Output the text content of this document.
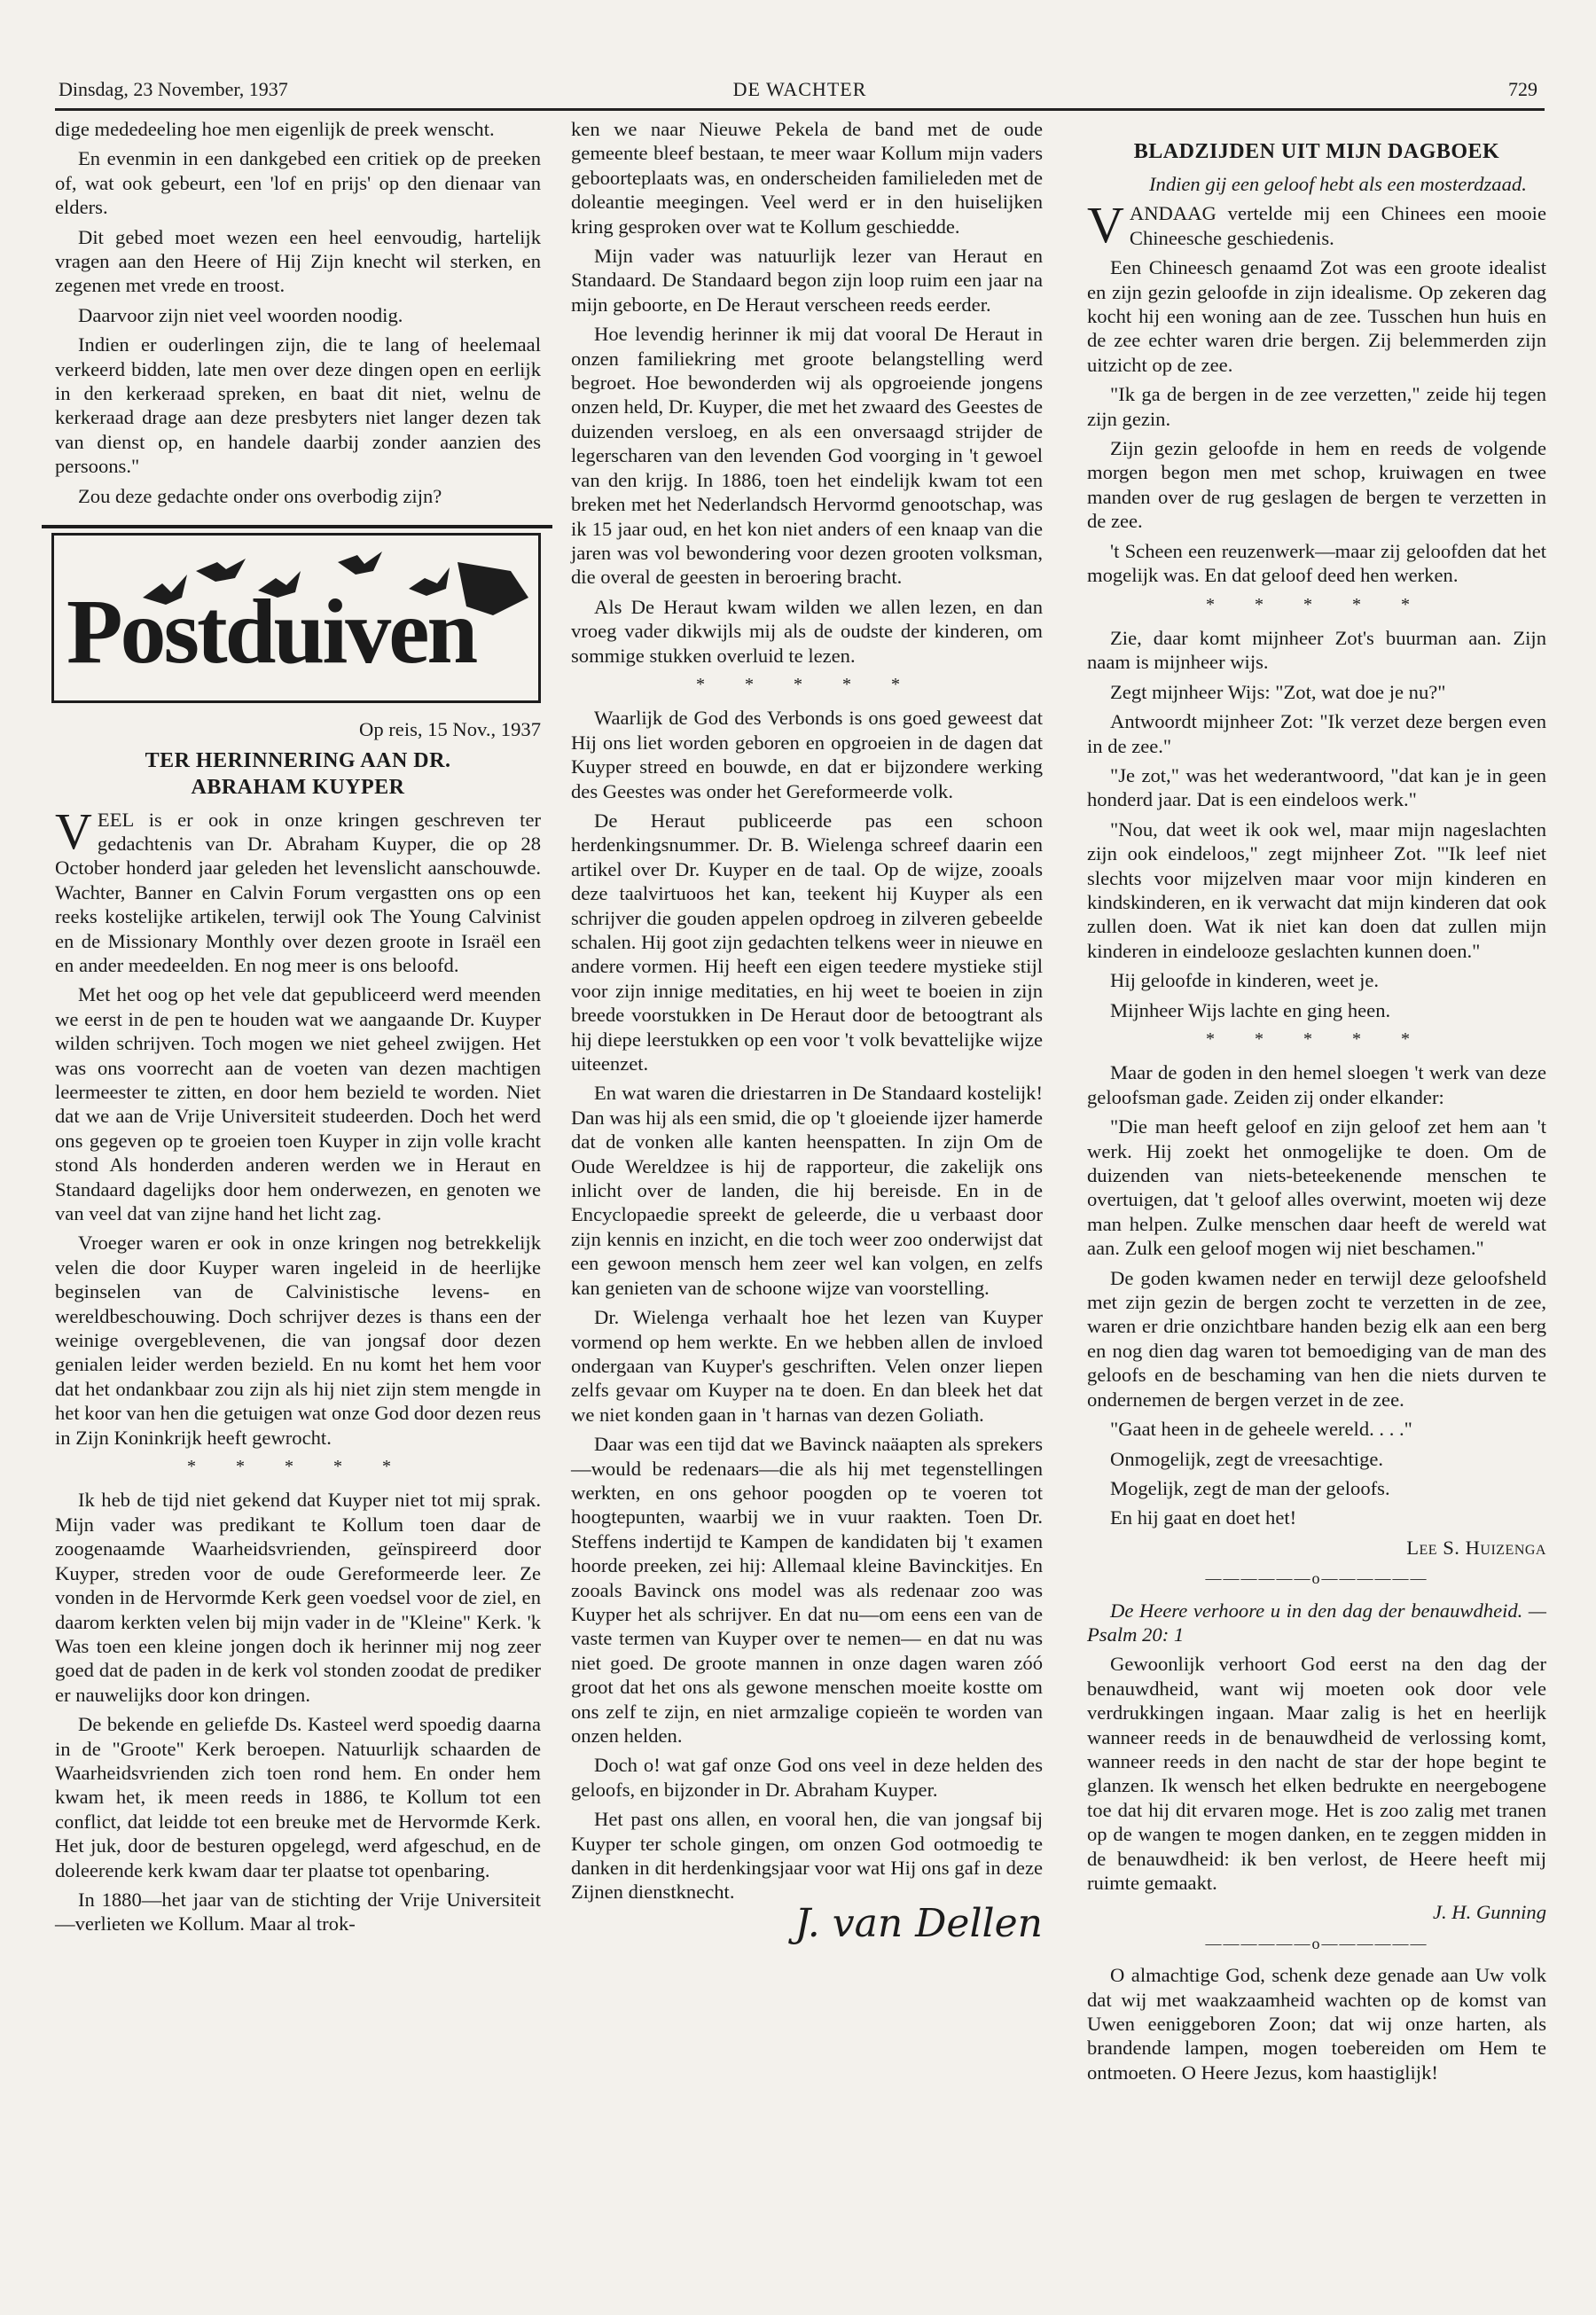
Dinsdag, 23 November, 1937	DE WACHTER	729

dige mededeeling hoe men eigenlijk de preek wenscht.

En evenmin in een dankgebed een critiek op de preeken of, wat ook gebeurt, een 'lof en prijs' op den dienaar van elders.

Dit gebed moet wezen een heel eenvoudig, hartelijk vragen aan den Heere of Hij Zijn knecht wil sterken, en zegenen met vrede en troost.

Daarvoor zijn niet veel woorden noodig.

Indien er ouderlingen zijn, die te lang of heelemaal verkeerd bidden, late men over deze dingen open en eerlijk in den kerkeraad spreken, en baat dit niet, welnu de kerkeraad drage aan deze presbyters niet langer dezen tak van dienst op, en handele daarbij zonder aanzien des persoons."

Zou deze gedachte onder ons overbodig zijn?

Postduiven

Op reis, 15 Nov., 1937

TER HERINNERING AAN DR.
ABRAHAM KUYPER

VEEL is er ook in onze kringen geschreven ter gedachtenis van Dr. Abraham Kuyper, die op 28 October honderd jaar geleden het levenslicht aanschouwde. Wachter, Banner en Calvin Forum vergastten ons op een reeks kostelijke artikelen, terwijl ook The Young Calvinist en de Missionary Monthly over dezen groote in Israël een en ander meedeelden. En nog meer is ons beloofd.

Met het oog op het vele dat gepubliceerd werd meenden we eerst in de pen te houden wat we aangaande Dr. Kuyper wilden schrijven. Toch mogen we niet geheel zwijgen. Het was ons voorrecht aan de voeten van dezen machtigen leermeester te zitten, en door hem bezield te worden. Niet dat we aan de Vrije Universiteit studeerden. Doch het werd ons gegeven op te groeien toen Kuyper in zijn volle kracht stond Als honderden anderen werden we in Heraut en Standaard dagelijks door hem onderwezen, en genoten we van veel dat van zijne hand het licht zag.

Vroeger waren er ook in onze kringen nog betrekkelijk velen die door Kuyper waren ingeleid in de heerlijke beginselen van de Calvinistische levens- en wereldbeschouwing. Doch schrijver dezes is thans een der weinige overgeblevenen, die van jongsaf door dezen genialen leider werden bezield. En nu komt het hem voor dat het ondankbaar zou zijn als hij niet zijn stem mengde in het koor van hen die getuigen wat onze God door dezen reus in Zijn Koninkrijk heeft gewrocht.

* * * * *

Ik heb de tijd niet gekend dat Kuyper niet tot mij sprak. Mijn vader was predikant te Kollum toen daar de zoogenaamde Waarheidsvrienden, geïnspireerd door Kuyper, streden voor de oude Gereformeerde leer. Ze vonden in de Hervormde Kerk geen voedsel voor de ziel, en daarom kerkten velen bij mijn vader in de "Kleine" Kerk. 'k Was toen een kleine jongen doch ik herinner mij nog zeer goed dat de paden in de kerk vol stonden zoodat de prediker er nauwelijks door kon dringen.

De bekende en geliefde Ds. Kasteel werd spoedig daarna in de "Groote" Kerk beroepen. Natuurlijk schaarden de Waarheidsvrienden zich toen rond hem. En onder hem kwam het, ik meen reeds in 1886, te Kollum tot een conflict, dat leidde tot een breuke met de Hervormde Kerk. Het juk, door de besturen opgelegd, werd afgeschud, en de doleerende kerk kwam daar ter plaatse tot openbaring.

In 1880—het jaar van de stichting der Vrije Universiteit—verlieten we Kollum. Maar al trok-

ken we naar Nieuwe Pekela de band met de oude gemeente bleef bestaan, te meer waar Kollum mijn vaders geboorteplaats was, en onderscheiden familieleden met de doleantie meegingen. Veel werd er in den huiselijken kring gesproken over wat te Kollum geschiedde.

Mijn vader was natuurlijk lezer van Heraut en Standaard. De Standaard begon zijn loop ruim een jaar na mijn geboorte, en De Heraut verscheen reeds eerder.

Hoe levendig herinner ik mij dat vooral De Heraut in onzen familiekring met groote belangstelling werd begroet. Hoe bewonderden wij als opgroeiende jongens onzen held, Dr. Kuyper, die met het zwaard des Geestes de duizenden versloeg, en als een onversaagd strijder de legerscharen van den levenden God voorging in 't gewoel van den krijg. In 1886, toen het eindelijk kwam tot een breken met het Nederlandsch Hervormd genootschap, was ik 15 jaar oud, en het kon niet anders of een knaap van die jaren was vol bewondering voor dezen grooten volksman, die overal de geesten in beroering bracht.

Als De Heraut kwam wilden we allen lezen, en dan vroeg vader dikwijls mij als de oudste der kinderen, om sommige stukken overluid te lezen.

* * * * *

Waarlijk de God des Verbonds is ons goed geweest dat Hij ons liet worden geboren en opgroeien in de dagen dat Kuyper streed en bouwde, en dat er bijzondere werking des Geestes was onder het Gereformeerde volk.

De Heraut publiceerde pas een schoon herdenkingsnummer. Dr. B. Wielenga schreef daarin een artikel over Dr. Kuyper en de taal. Op de wijze, zooals deze taalvirtuoos het kan, teekent hij Kuyper als een schrijver die gouden appelen opdroeg in zilveren gebeelde schalen. Hij goot zijn gedachten telkens weer in nieuwe en andere vormen. Hij heeft een eigen teedere mystieke stijl voor zijn innige meditaties, en hij weet te boeien in zijn breede voorstukken in De Heraut door de betoogtrant als hij diepe leerstukken op een voor 't volk bevattelijke wijze uiteenzet.

En wat waren die driestarren in De Standaard kostelijk! Dan was hij als een smid, die op 't gloeiende ijzer hamerde dat de vonken alle kanten heenspatten. In zijn Om de Oude Wereldzee is hij de rapporteur, die zakelijk ons inlicht over de landen, die hij bereisde. En in de Encyclopaedie spreekt de geleerde, die u verbaast door zijn kennis en inzicht, en die toch weer zoo onderwijst dat een gewoon mensch hem zeer wel kan volgen, en zelfs kan genieten van de schoone wijze van voorstelling.

Dr. Wielenga verhaalt hoe het lezen van Kuyper vormend op hem werkte. En we hebben allen de invloed ondergaan van Kuyper's geschriften. Velen onzer liepen zelfs gevaar om Kuyper na te doen. En dan bleek het dat we niet konden gaan in 't harnas van dezen Goliath.

Daar was een tijd dat we Bavinck naäapten als sprekers—would be redenaars—die als hij met tegenstellingen werkten, en ons gehoor poogden op te voeren tot hoogtepunten, waarbij we in vuur raakten. Toen Dr. Steffens indertijd te Kampen de kandidaten bij 't examen hoorde preeken, zei hij: Allemaal kleine Bavinckitjes. En zooals Bavinck ons model was als redenaar zoo was Kuyper het als schrijver. En dat nu—om eens een van de vaste termen van Kuyper over te nemen— en dat nu was niet goed. De groote mannen in onze dagen waren zóó groot dat het ons als gewone menschen moeite kostte om ons zelf te zijn, en niet armzalige copieën te worden van onzen helden.

Doch o! wat gaf onze God ons veel in deze helden des geloofs, en bijzonder in Dr. Abraham Kuyper.

Het past ons allen, en vooral hen, die van jongsaf bij Kuyper ter schole gingen, om onzen God ootmoedig te danken in dit herdenkingsjaar voor wat Hij ons gaf in deze Zijnen dienstknecht.

J. van Dellen
BLADZIJDEN UIT MIJN DAGBOEK

Indien gij een geloof hebt als een mosterdzaad.

VANDAAG vertelde mij een Chinees een mooie Chineesche geschiedenis.

Een Chineesch genaamd Zot was een groote idealist en zijn gezin geloofde in zijn idealisme. Op zekeren dag kocht hij een woning aan de zee. Tusschen hun huis en de zee echter waren drie bergen. Zij belemmerden zijn uitzicht op de zee.

"Ik ga de bergen in de zee verzetten," zeide hij tegen zijn gezin.

Zijn gezin geloofde in hem en reeds de volgende morgen begon men met schop, kruiwagen en twee manden over de rug geslagen de bergen te verzetten in de zee.

't Scheen een reuzenwerk—maar zij geloofden dat het mogelijk was. En dat geloof deed hen werken.

* * * * *

Zie, daar komt mijnheer Zot's buurman aan. Zijn naam is mijnheer wijs.

Zegt mijnheer Wijs: "Zot, wat doe je nu?"

Antwoordt mijnheer Zot: "Ik verzet deze bergen even in de zee."

"Je zot," was het wederantwoord, "dat kan je in geen honderd jaar. Dat is een eindeloos werk."

"Nou, dat weet ik ook wel, maar mijn nageslachten zijn ook eindeloos," zegt mijnheer Zot. "'Ik leef niet slechts voor mijzelven maar voor mijn kinderen en kindskinderen, en ik verwacht dat mijn kinderen dat ook zullen doen. Wat ik niet kan doen dat zullen mijn kinderen in eindelooze geslachten kunnen doen."

Hij geloofde in kinderen, weet je.

Mijnheer Wijs lachte en ging heen.

* * * * *

Maar de goden in den hemel sloegen 't werk van deze geloofsman gade. Zeiden zij onder elkander:

"Die man heeft geloof en zijn geloof zet hem aan 't werk. Hij zoekt het onmogelijke te doen. Om de duizenden van niets-beteekenende menschen te overtuigen, dat 't geloof alles overwint, moeten wij deze man helpen. Zulke menschen daar heeft de wereld wat aan. Zulk een geloof mogen wij niet beschamen."

De goden kwamen neder en terwijl deze geloofsheld met zijn gezin de bergen zocht te verzetten in de zee, waren er drie onzichtbare handen bezig elk aan een berg en nog dien dag waren tot bemoediging van de man des geloofs en de beschaming van hen die niets durven te ondernemen de bergen verzet in de zee.

"Gaat heen in de geheele wereld. . . ."

Onmogelijk, zegt de vreesachtige.

Mogelijk, zegt de man der geloofs.

En hij gaat en doet het!

Lee S. Huizenga

——————o——————

De Heere verhoore u in den dag der benauwdheid. — Psalm 20: 1

Gewoonlijk verhoort God eerst na den dag der benauwdheid, want wij moeten ook door vele verdrukkingen ingaan. Maar zalig is het en heerlijk wanneer reeds in de benauwdheid de verlossing komt, wanneer reeds in den nacht de star der hope begint te glanzen. Ik wensch het elken bedrukte en neergebogene toe dat hij dit ervaren moge. Het is zoo zalig met tranen op de wangen te mogen danken, en te zeggen midden in de benauwdheid: ik ben verlost, de Heere heeft mij ruimte gemaakt.

J. H. Gunning

——————o——————

O almachtige God, schenk deze genade aan Uw volk dat wij met waakzaamheid wachten op de komst van Uwen eeniggeboren Zoon; dat wij onze harten, als brandende lampen, mogen toebereiden om Hem te ontmoeten. O Heere Jezus, kom haastiglijk!
